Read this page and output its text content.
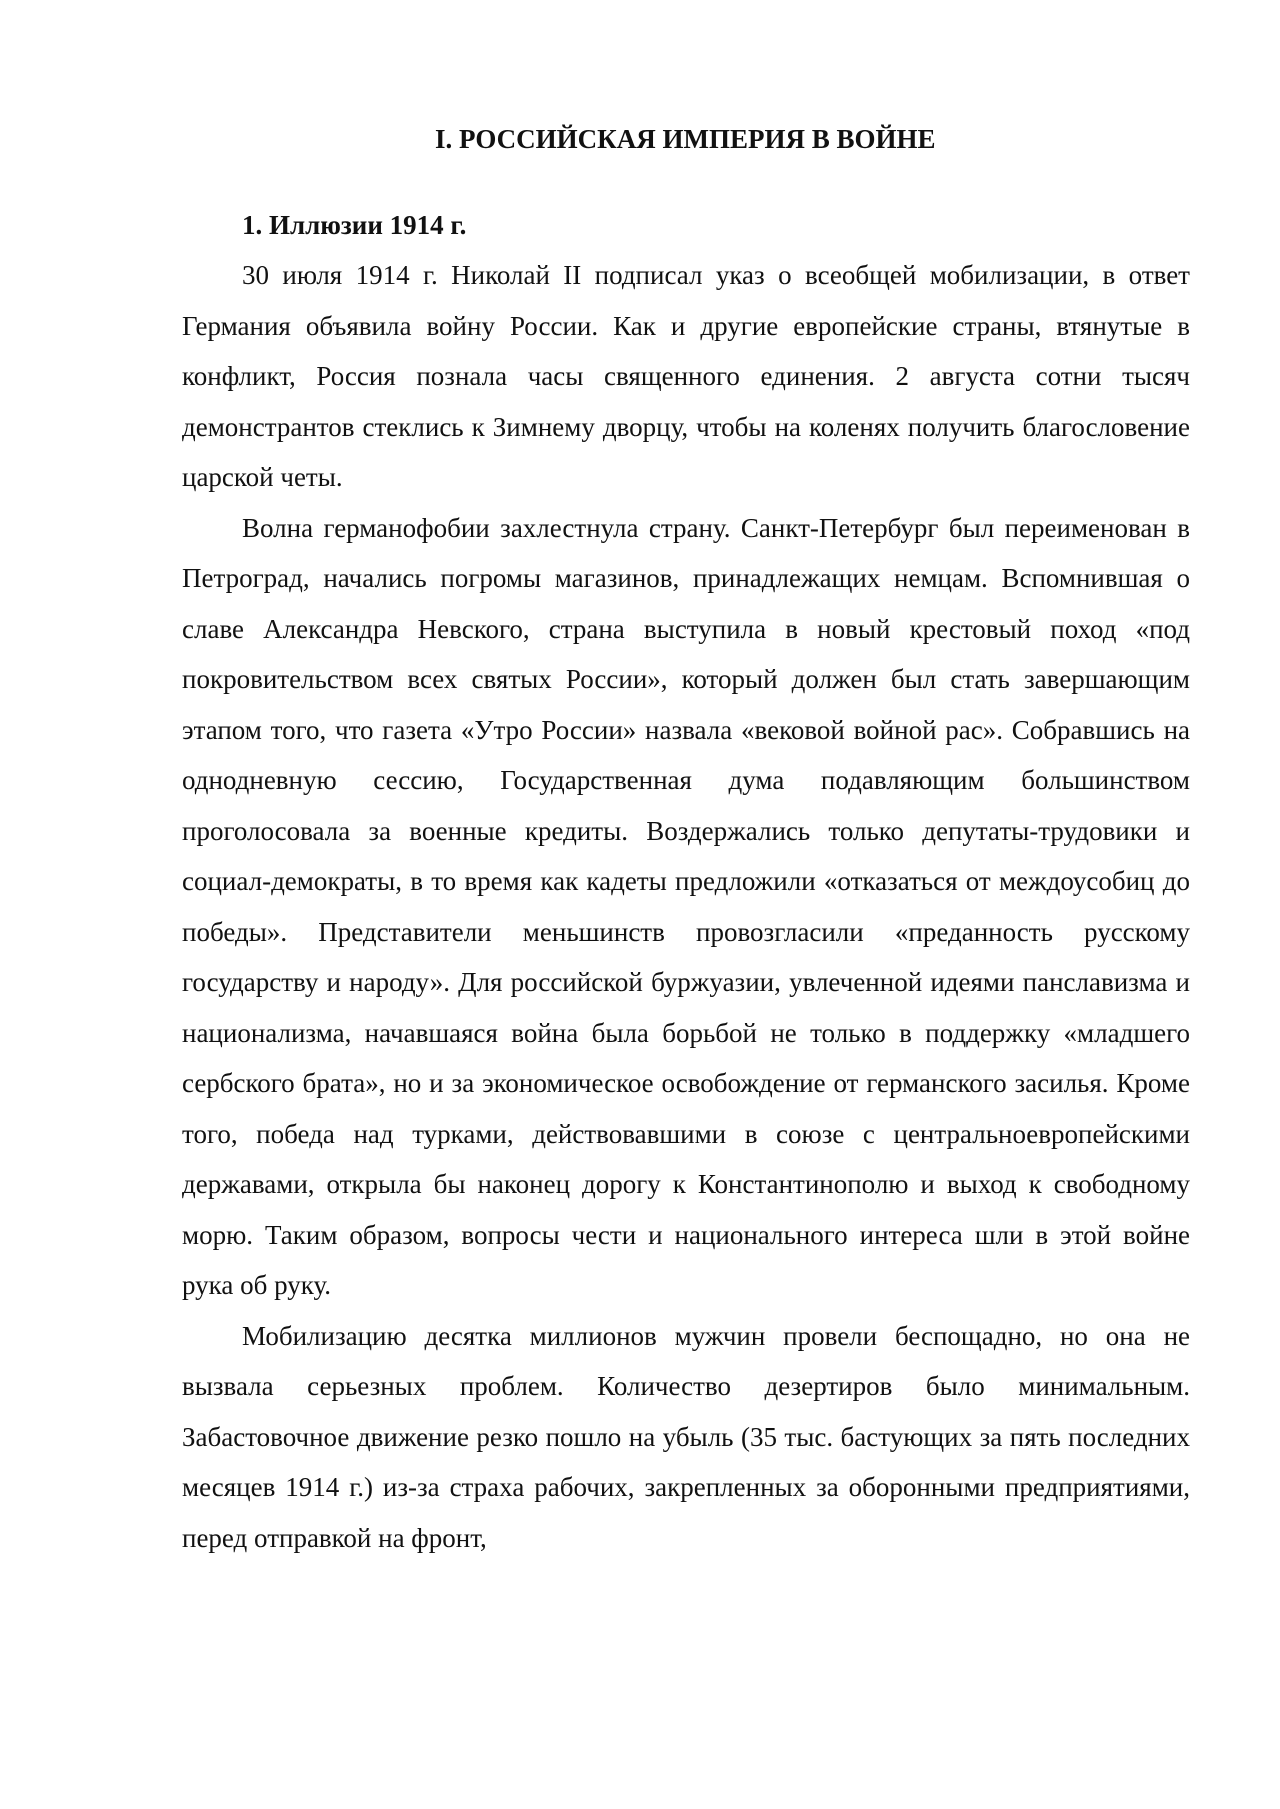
I. РОССИЙСКАЯ ИМПЕРИЯ В ВОЙНЕ
1. Иллюзии 1914 г.

30 июля 1914 г. Николай II подписал указ о всеобщей мобилизации, в ответ Германия объявила войну России. Как и другие европейские страны, втянутые в конфликт, Россия познала часы священного единения. 2 августа сотни тысяч демонстрантов стеклись к Зимнему дворцу, чтобы на коленях получить благословение царской четы.

Волна германофобии захлестнула страну. Санкт-Петербург был переименован в Петроград, начались погромы магазинов, принадлежащих немцам. Вспомнившая о славе Александра Невского, страна выступила в новый крестовый поход «под покровительством всех святых России», который должен был стать завершающим этапом того, что газета «Утро России» назвала «вековой войной рас». Собравшись на однодневную сессию, Государственная дума подавляющим большинством проголосовала за военные кредиты. Воздержались только депутаты-трудовики и социал-демократы, в то время как кадеты предложили «отказаться от междоусобиц до победы». Представители меньшинств провозгласили «преданность русскому государству и народу». Для российской буржуазии, увлеченной идеями панславизма и национализма, начавшаяся война была борьбой не только в поддержку «младшего сербского брата», но и за экономическое освобождение от германского засилья. Кроме того, победа над турками, действовавшими в союзе с центральноевропейскими державами, открыла бы наконец дорогу к Константинополю и выход к свободному морю. Таким образом, вопросы чести и национального интереса шли в этой войне рука об руку.

Мобилизацию десятка миллионов мужчин провели беспощадно, но она не вызвала серьезных проблем. Количество дезертиров было минимальным. Забастовочное движение резко пошло на убыль (35 тыс. бастующих за пять последних месяцев 1914 г.) из-за страха рабочих, закрепленных за оборонными предприятиями, перед отправкой на фронт,
